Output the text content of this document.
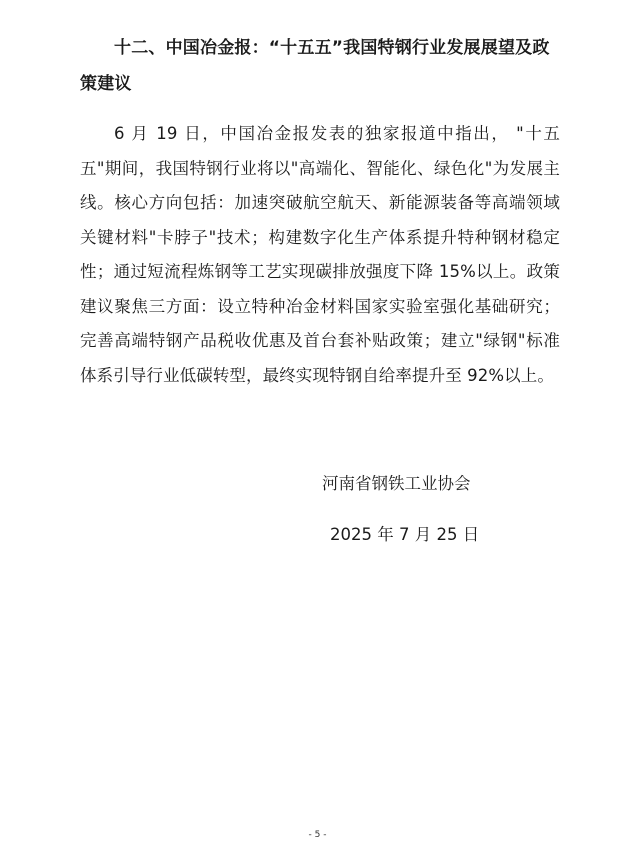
十二、中国冶金报：“十五五”我国特钢行业发展展望及政策建议

6 月 19 日，中国冶金报发表的独家报道中指出， "十五五"期间，我国特钢行业将以"高端化、智能化、绿色化"为发展主线。核心方向包括：加速突破航空航天、新能源装备等高端领域关键材料"卡脖子"技术；构建数字化生产体系提升特种钢材稳定性；通过短流程炼钢等工艺实现碳排放强度下降 15%以上。政策建议聚焦三方面：设立特种冶金材料国家实验室强化基础研究；完善高端特钢产品税收优惠及首台套补贴政策；建立"绿钢"标准体系引导行业低碳转型，最终实现特钢自给率提升至 92%以上。

河南省钢铁工业协会

2025 年 7 月 25 日

- 5 -
